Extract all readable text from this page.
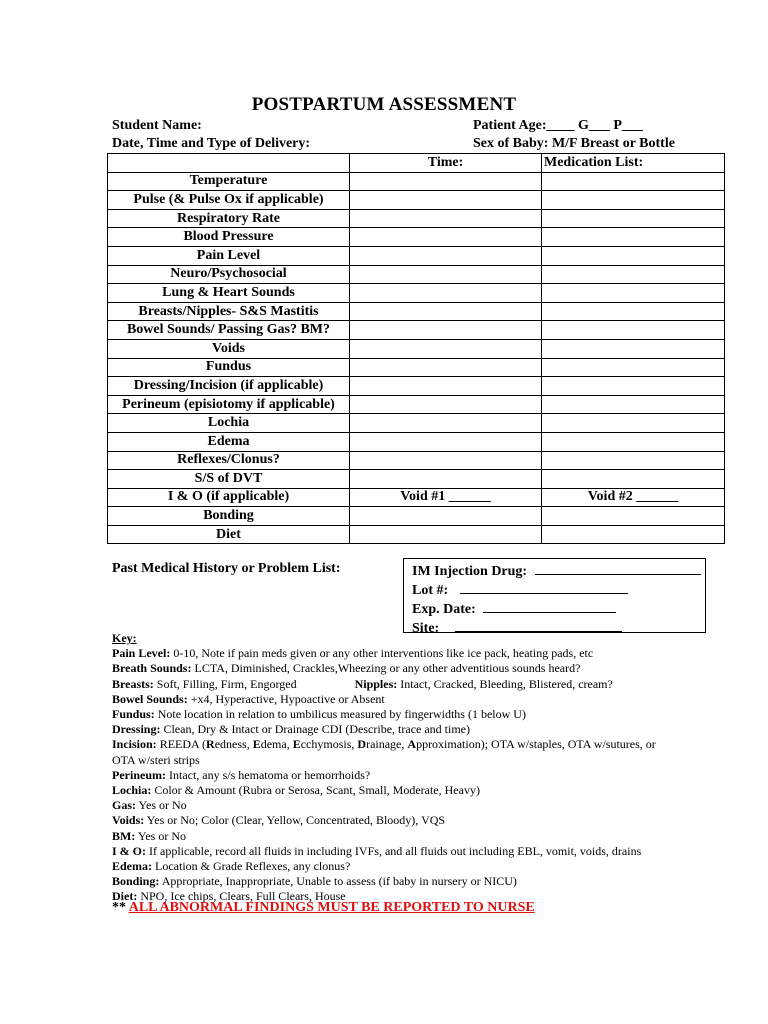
POSTPARTUM ASSESSMENT
Student Name:	Patient Age:____ G___ P___
Date, Time and Type of Delivery:	Sex of Baby: M/F Breast or Bottle
	Time:	Medication List:
Temperature		
Pulse (& Pulse Ox if applicable)		
Respiratory Rate		
Blood Pressure		
Pain Level		
Neuro/Psychosocial		
Lung & Heart Sounds		
Breasts/Nipples- S&S Mastitis		
Bowel Sounds/ Passing Gas? BM?		
Voids		
Fundus		
Dressing/Incision (if applicable)		
Perineum (episiotomy if applicable)		
Lochia		
Edema		
Reflexes/Clonus?		
S/S of DVT		
I & O (if applicable)	Void #1 ______	Void #2 ______
Bonding		
Diet		
Past Medical History or Problem List:	IM Injection Drug:
Lot #:
Exp. Date:
Site:
Key:
Pain Level: 0-10, Note if pain meds given or any other interventions like ice pack, heating pads, etc
Breath Sounds: LCTA, Diminished, Crackles,Wheezing or any other adventitious sounds heard?
Breasts: Soft, Filling, Firm, Engorged	Nipples: Intact, Cracked, Bleeding, Blistered, cream?
Bowel Sounds: +x4, Hyperactive, Hypoactive or Absent
Fundus: Note location in relation to umbilicus measured by fingerwidths (1 below U)
Dressing: Clean, Dry & Intact or Drainage CDI (Describe, trace and time)
Incision: REEDA (Redness, Edema, Ecchymosis, Drainage, Approximation); OTA w/staples, OTA w/sutures, or
OTA w/steri strips
Perineum: Intact, any s/s hematoma or hemorrhoids?
Lochia: Color & Amount (Rubra or Serosa, Scant, Small, Moderate, Heavy)
Gas: Yes or No
Voids: Yes or No; Color (Clear, Yellow, Concentrated, Bloody), VQS
BM: Yes or No
I & O: If applicable, record all fluids in including IVFs, and all fluids out including EBL, vomit, voids, drains
Edema: Location & Grade Reflexes, any clonus?
Bonding: Appropriate, Inappropriate, Unable to assess (if baby in nursery or NICU)
Diet: NPO, Ice chips, Clears, Full Clears, House
** ALL ABNORMAL FINDINGS MUST BE REPORTED TO NURSE
